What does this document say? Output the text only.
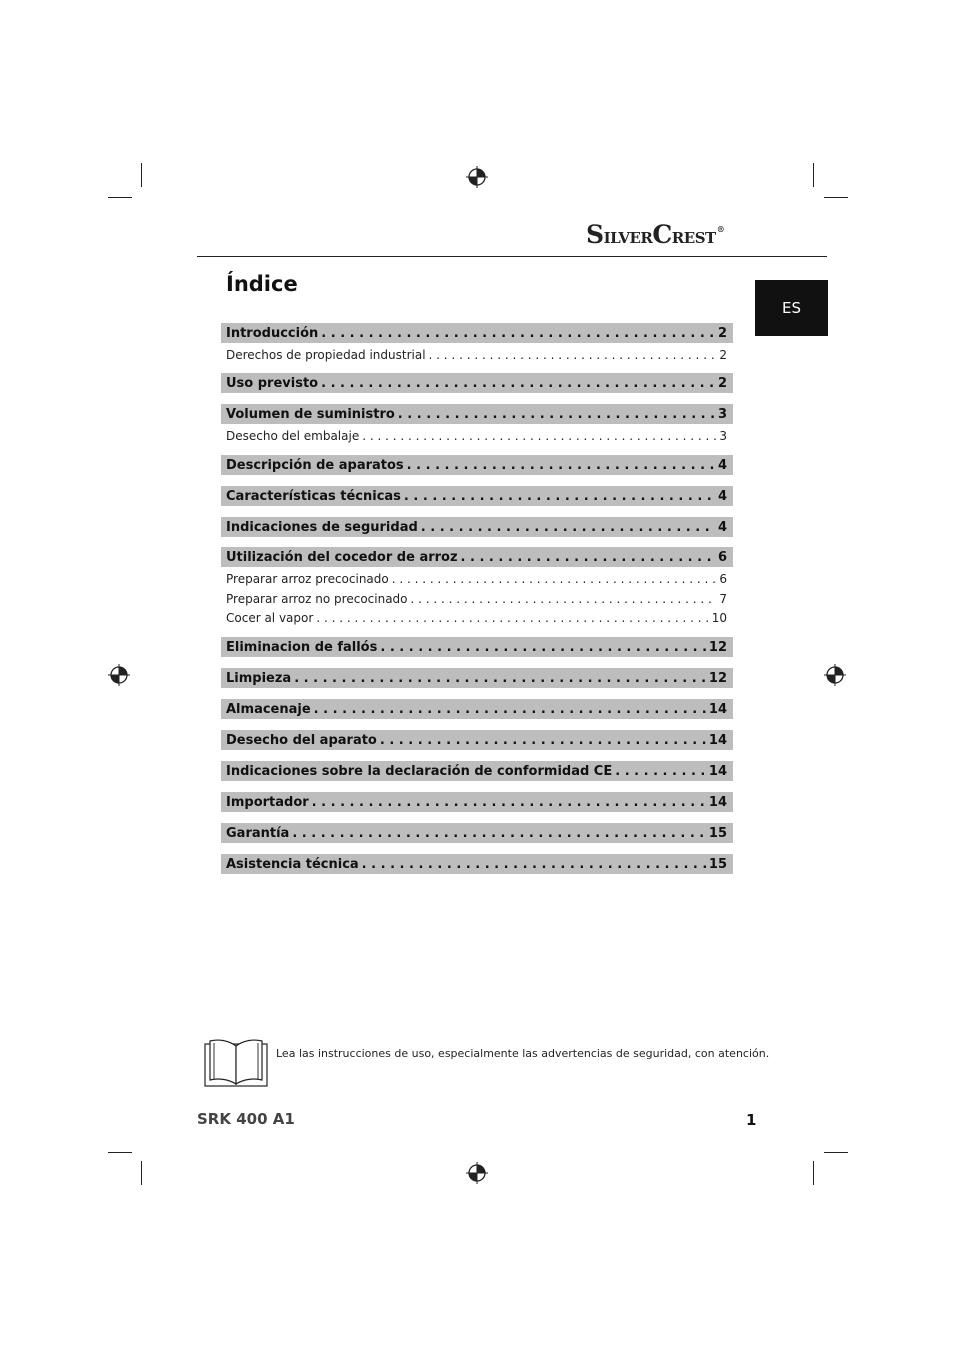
SILVERCREST®
Índice
ES
Introducción . . .	2
Derechos de propiedad industrial . . .	2
Uso previsto . . .	2
Volumen de suministro . . .	3
Desecho del embalaje . . .	3
Descripción de aparatos . . .	4
Características técnicas . . .	4
Indicaciones de seguridad . . .	4
Utilización del cocedor de arroz . . .	6
Preparar arroz precocinado . . .	6
Preparar arroz no precocinado . . .	7
Cocer al vapor . . .	10
Eliminacion de fallós . . .	12
Limpieza . . .	12
Almacenaje . . .	14
Desecho del aparato . . .	14
Indicaciones sobre la declaración de conformidad CE . . .	14
Importador . . .	14
Garantía . . .	15
Asistencia técnica . . .	15
Lea las instrucciones de uso, especialmente las advertencias de seguridad, con atención.
SRK 400 A1	1
